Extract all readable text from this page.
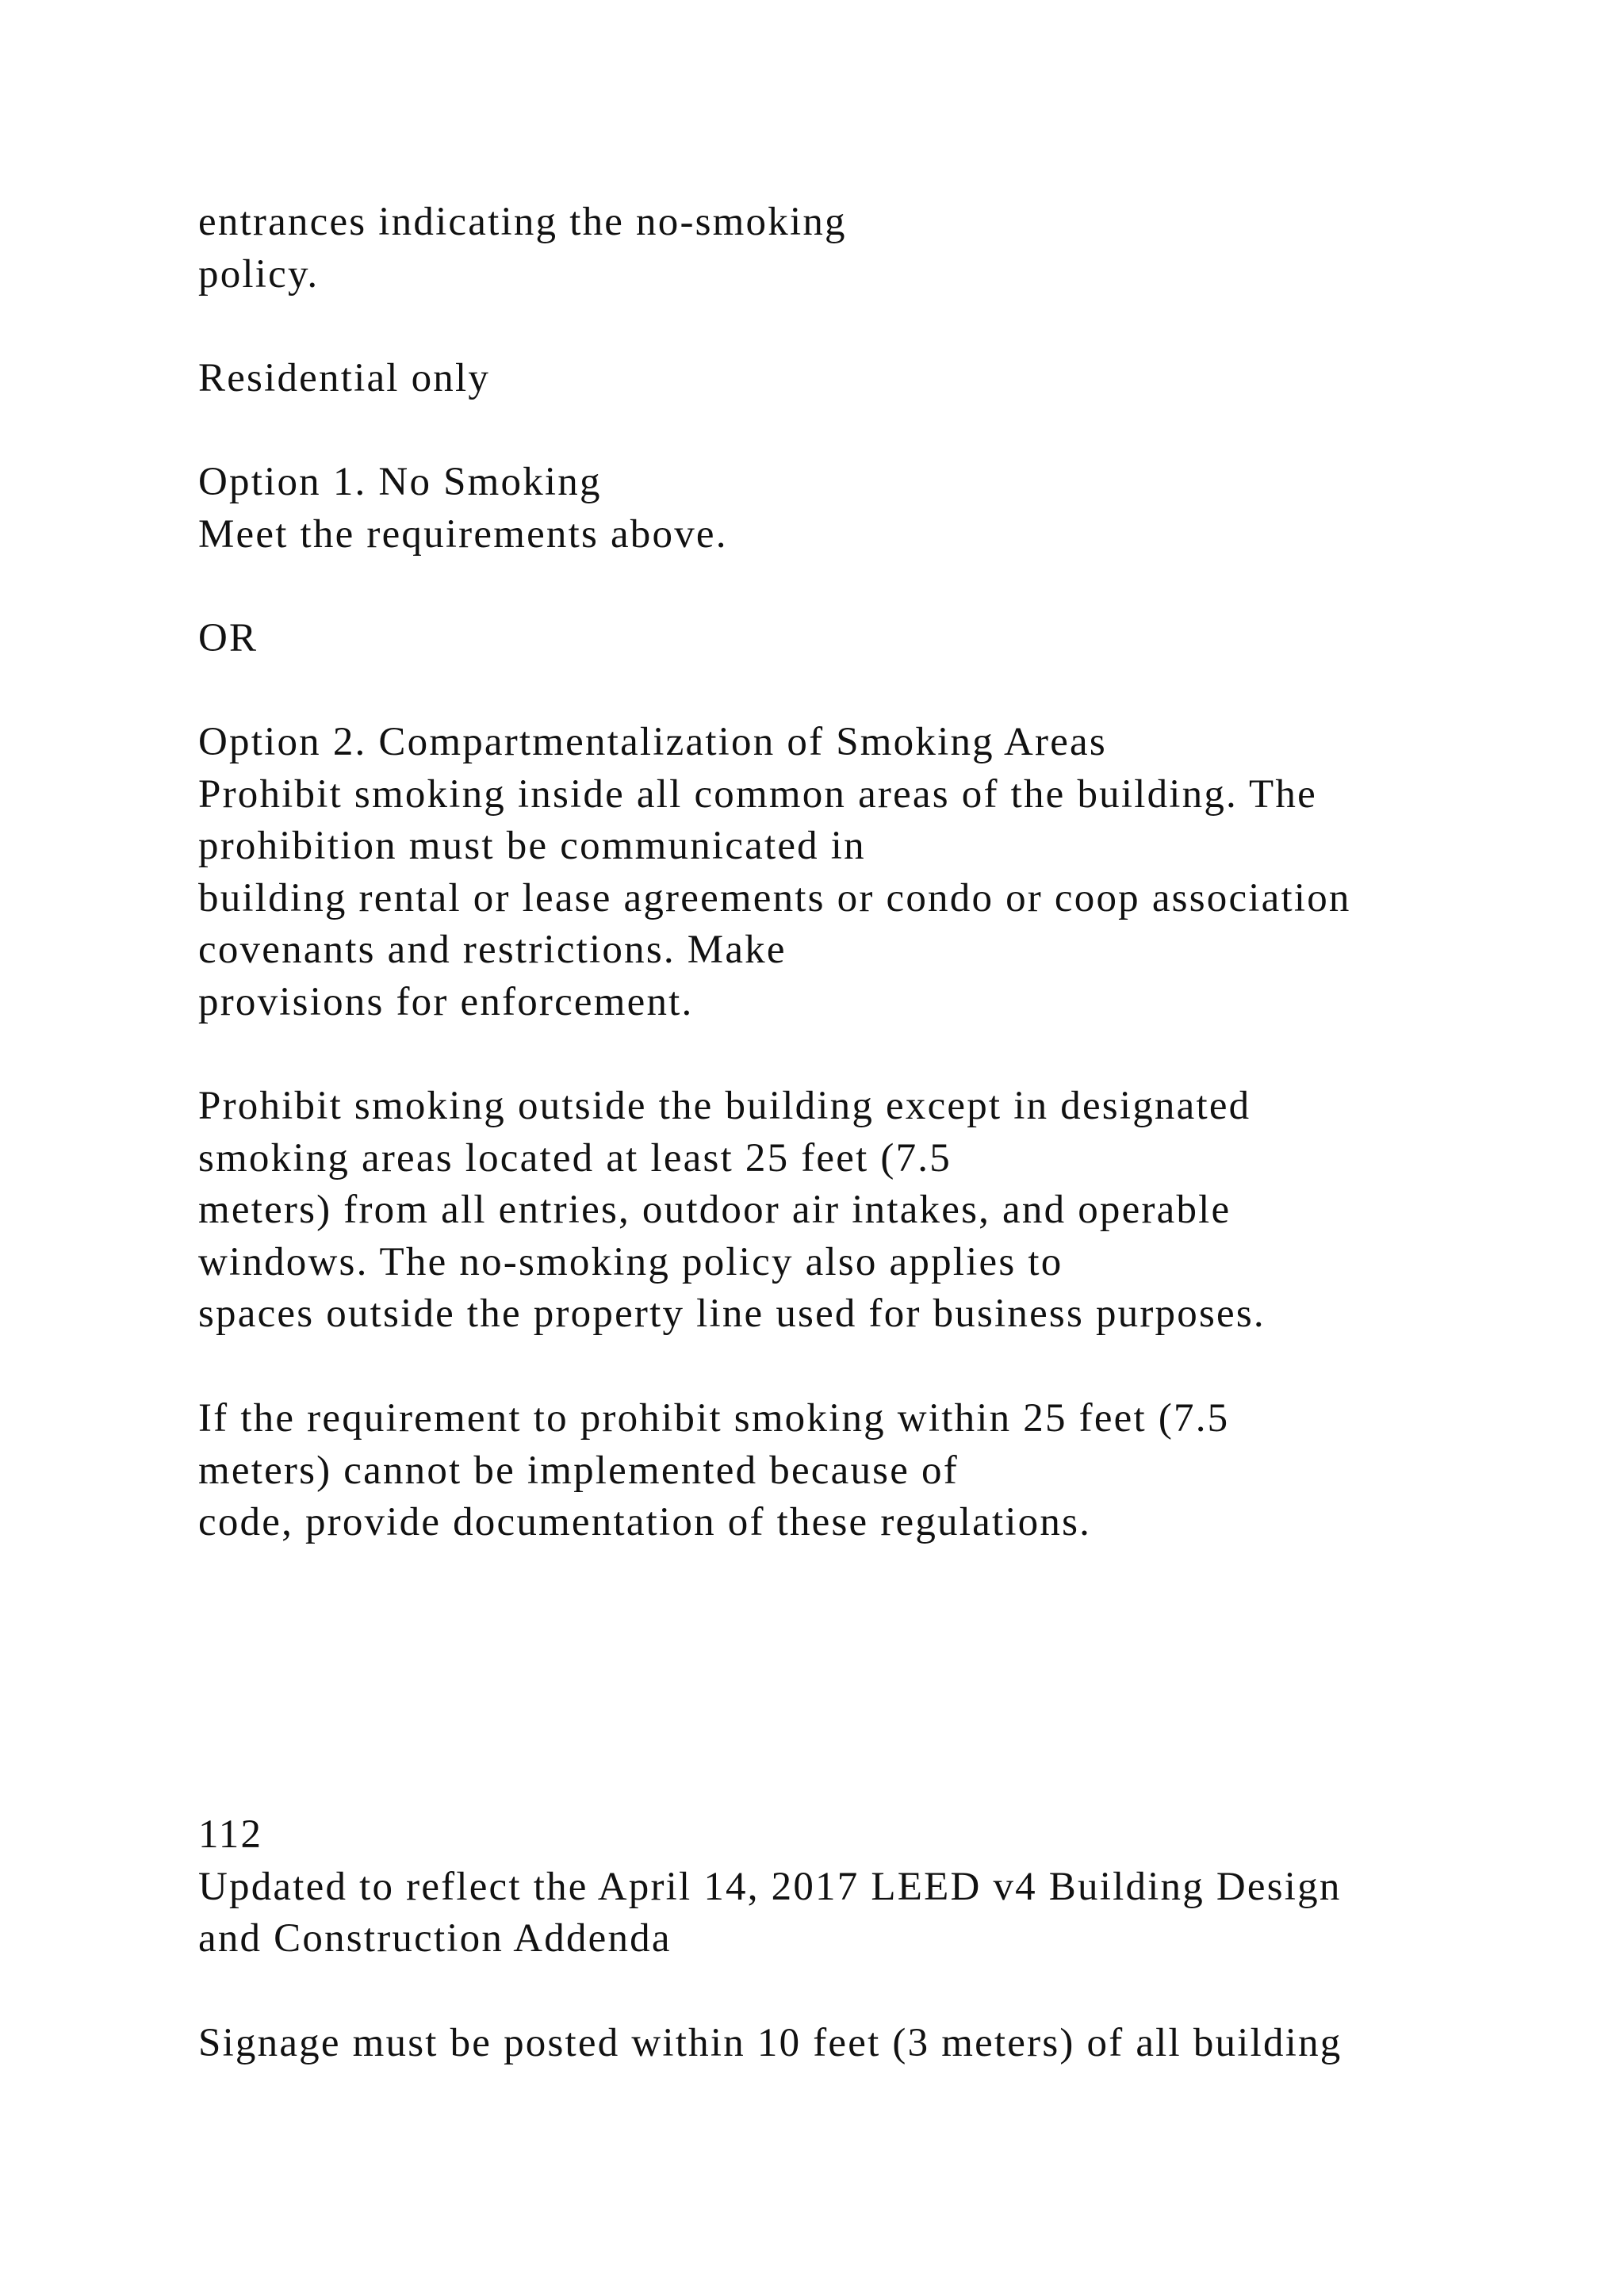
entrances indicating the no-smoking
policy.

Residential only

Option 1. No Smoking
Meet the requirements above.

OR

Option 2. Compartmentalization of Smoking Areas
Prohibit smoking inside all common areas of the building. The
prohibition must be communicated in
building rental or lease agreements or condo or coop association
covenants and restrictions. Make
provisions for enforcement.

Prohibit smoking outside the building except in designated
smoking areas located at least 25 feet (7.5
meters) from all entries, outdoor air intakes, and operable
windows. The no-smoking policy also applies to
spaces outside the property line used for business purposes.

If the requirement to prohibit smoking within 25 feet (7.5
meters) cannot be implemented because of
code, provide documentation of these regulations.

112
Updated to reflect the April 14, 2017 LEED v4 Building Design
and Construction Addenda

Signage must be posted within 10 feet (3 meters) of all building
